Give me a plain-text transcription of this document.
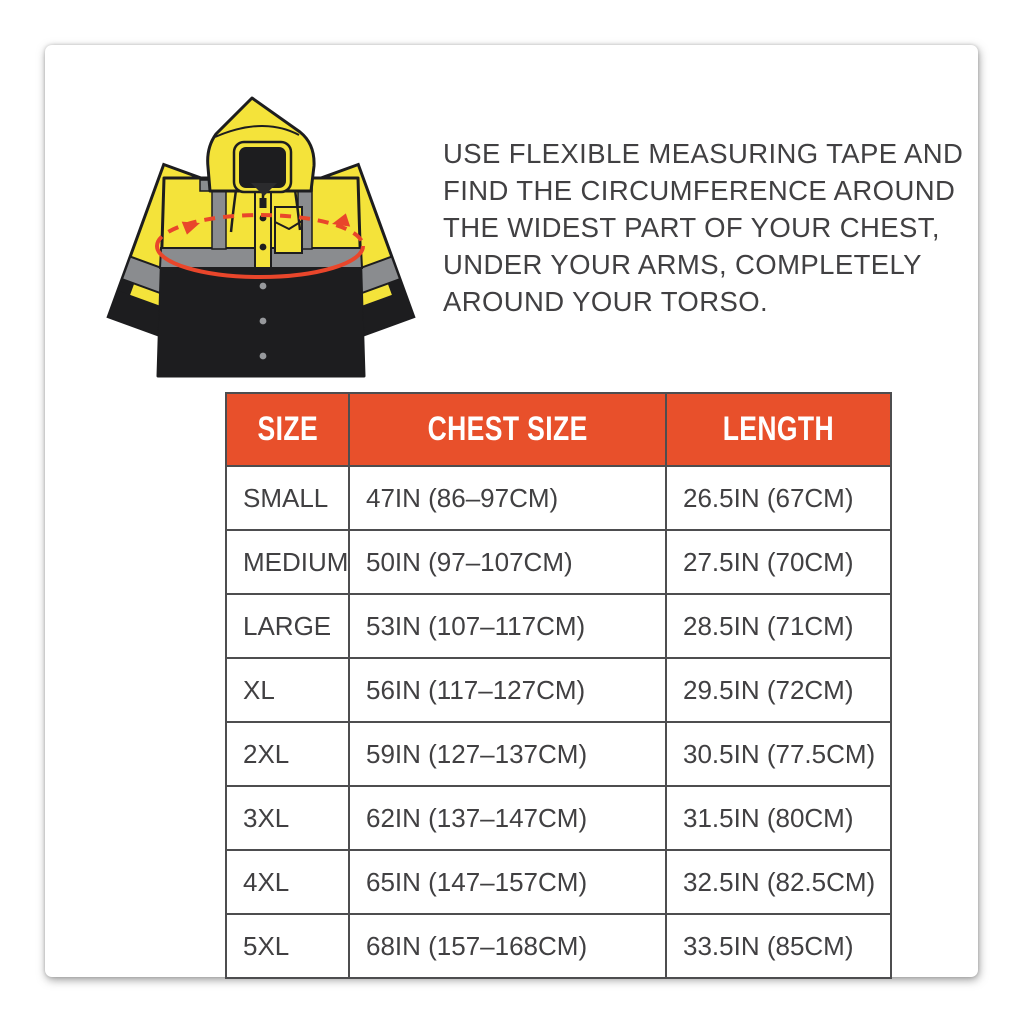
USE FLEXIBLE MEASURING TAPE AND
FIND THE CIRCUMFERENCE AROUND
THE WIDEST PART OF YOUR CHEST,
UNDER YOUR ARMS, COMPLETELY
AROUND YOUR TORSO.
SIZE	CHEST SIZE	LENGTH
SMALL	47IN (86–97CM)	26.5IN (67CM)
MEDIUM	50IN (97–107CM)	27.5IN (70CM)
LARGE	53IN (107–117CM)	28.5IN (71CM)
XL	56IN (117–127CM)	29.5IN (72CM)
2XL	59IN (127–137CM)	30.5IN (77.5CM)
3XL	62IN (137–147CM)	31.5IN (80CM)
4XL	65IN (147–157CM)	32.5IN (82.5CM)
5XL	68IN (157–168CM)	33.5IN (85CM)
